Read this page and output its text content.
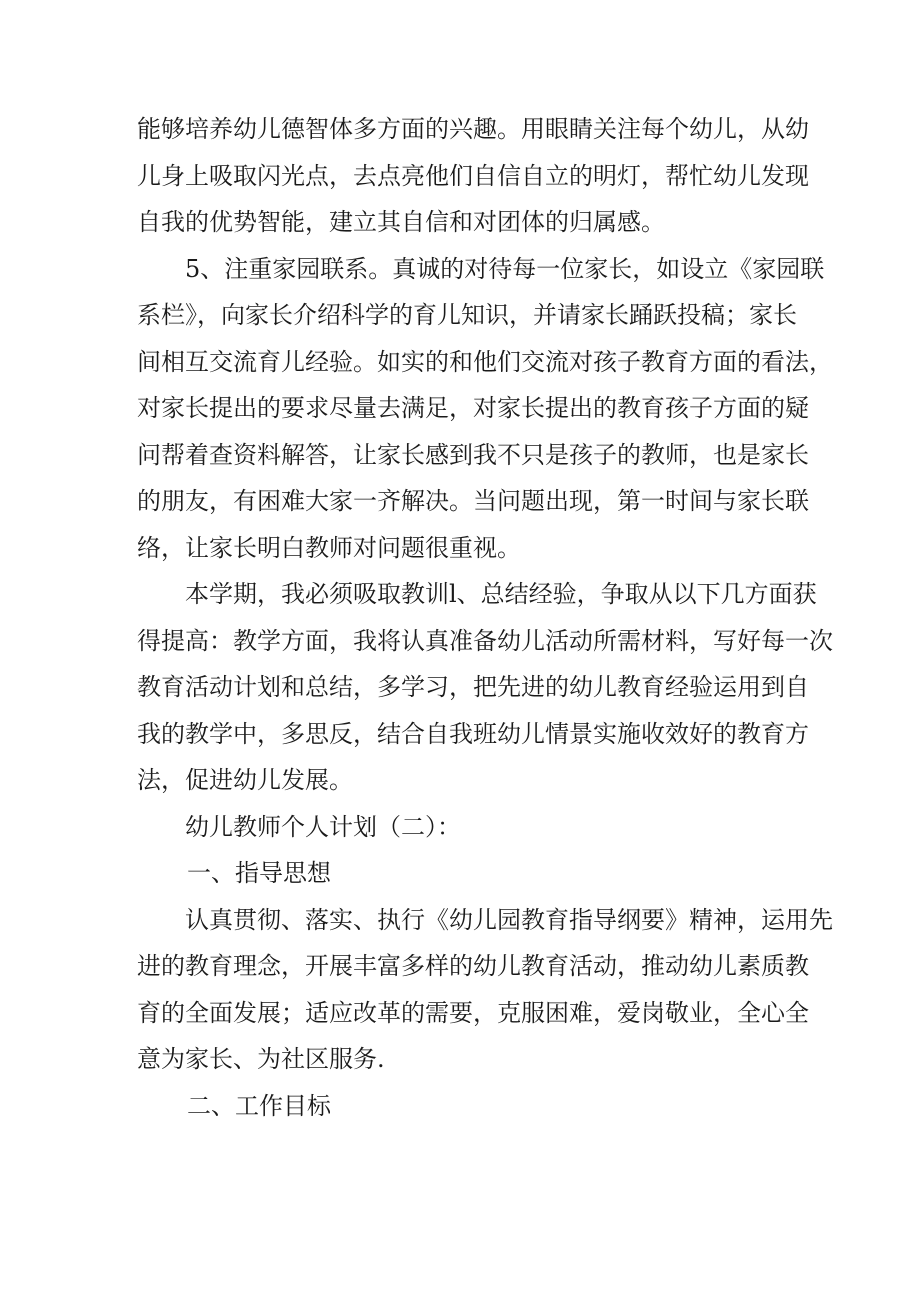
能够培养幼儿德智体多方面的兴趣。用眼睛关注每个幼儿，从幼
儿身上吸取闪光点，去点亮他们自信自立的明灯，帮忙幼儿发现
自我的优势智能，建立其自信和对团体的归属感。
5、注重家园联系。真诚的对待每一位家长，如设立《家园联
系栏》，向家长介绍科学的育儿知识，并请家长踊跃投稿；家长
间相互交流育儿经验。如实的和他们交流对孩子教育方面的看法，
对家长提出的要求尽量去满足，对家长提出的教育孩子方面的疑
问帮着查资料解答，让家长感到我不只是孩子的教师，也是家长
的朋友，有困难大家一齐解决。当问题出现，第一时间与家长联
络，让家长明白教师对问题很重视。
本学期，我必须吸取教训l、总结经验，争取从以下几方面获
得提高：教学方面，我将认真准备幼儿活动所需材料，写好每一次
教育活动计划和总结，多学习，把先进的幼儿教育经验运用到自
我的教学中，多思反，结合自我班幼儿情景实施收效好的教育方
法，促进幼儿发展。
幼儿教师个人计划（二）：
一、指导思想
认真贯彻、落实、执行《幼儿园教育指导纲要》精神，运用先
进的教育理念，开展丰富多样的幼儿教育活动，推动幼儿素质教
育的全面发展；适应改革的需要，克服困难，爱岗敬业，全心全
意为家长、为社区服务.
二、工作目标
